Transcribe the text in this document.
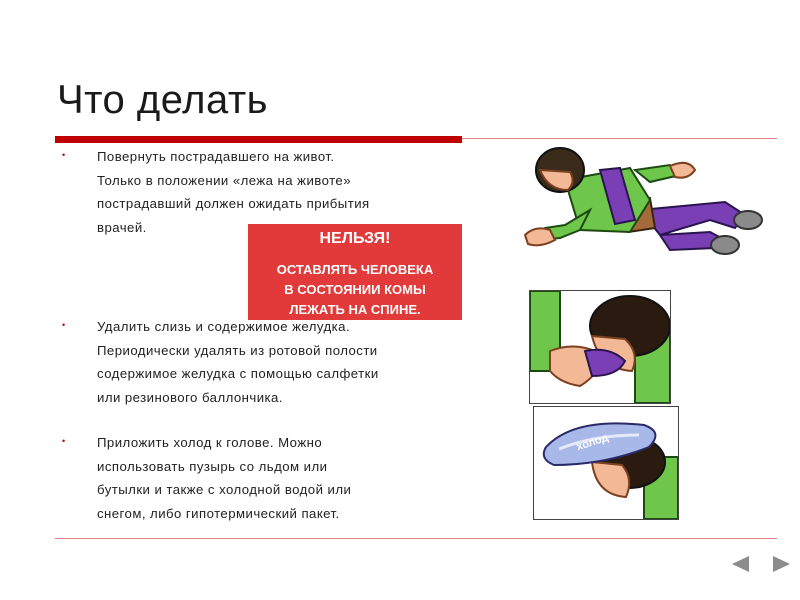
Что делать
• Повернуть пострадавшего на живот.
Только в положении «лежа на животе»
пострадавший должен ожидать прибытия
врачей.
НЕЛЬЗЯ!
ОСТАВЛЯТЬ ЧЕЛОВЕКА
В СОСТОЯНИИ КОМЫ
ЛЕЖАТЬ НА СПИНЕ.
• Удалить слизь и содержимое желудка.
Периодически удалять из ротовой полости
содержимое желудка с помощью салфетки
или резинового баллончика.
• Приложить холод к голове. Можно
использовать пузырь со льдом или
бутылки и также с холодной водой или
снегом, либо гипотермический пакет.
холод
